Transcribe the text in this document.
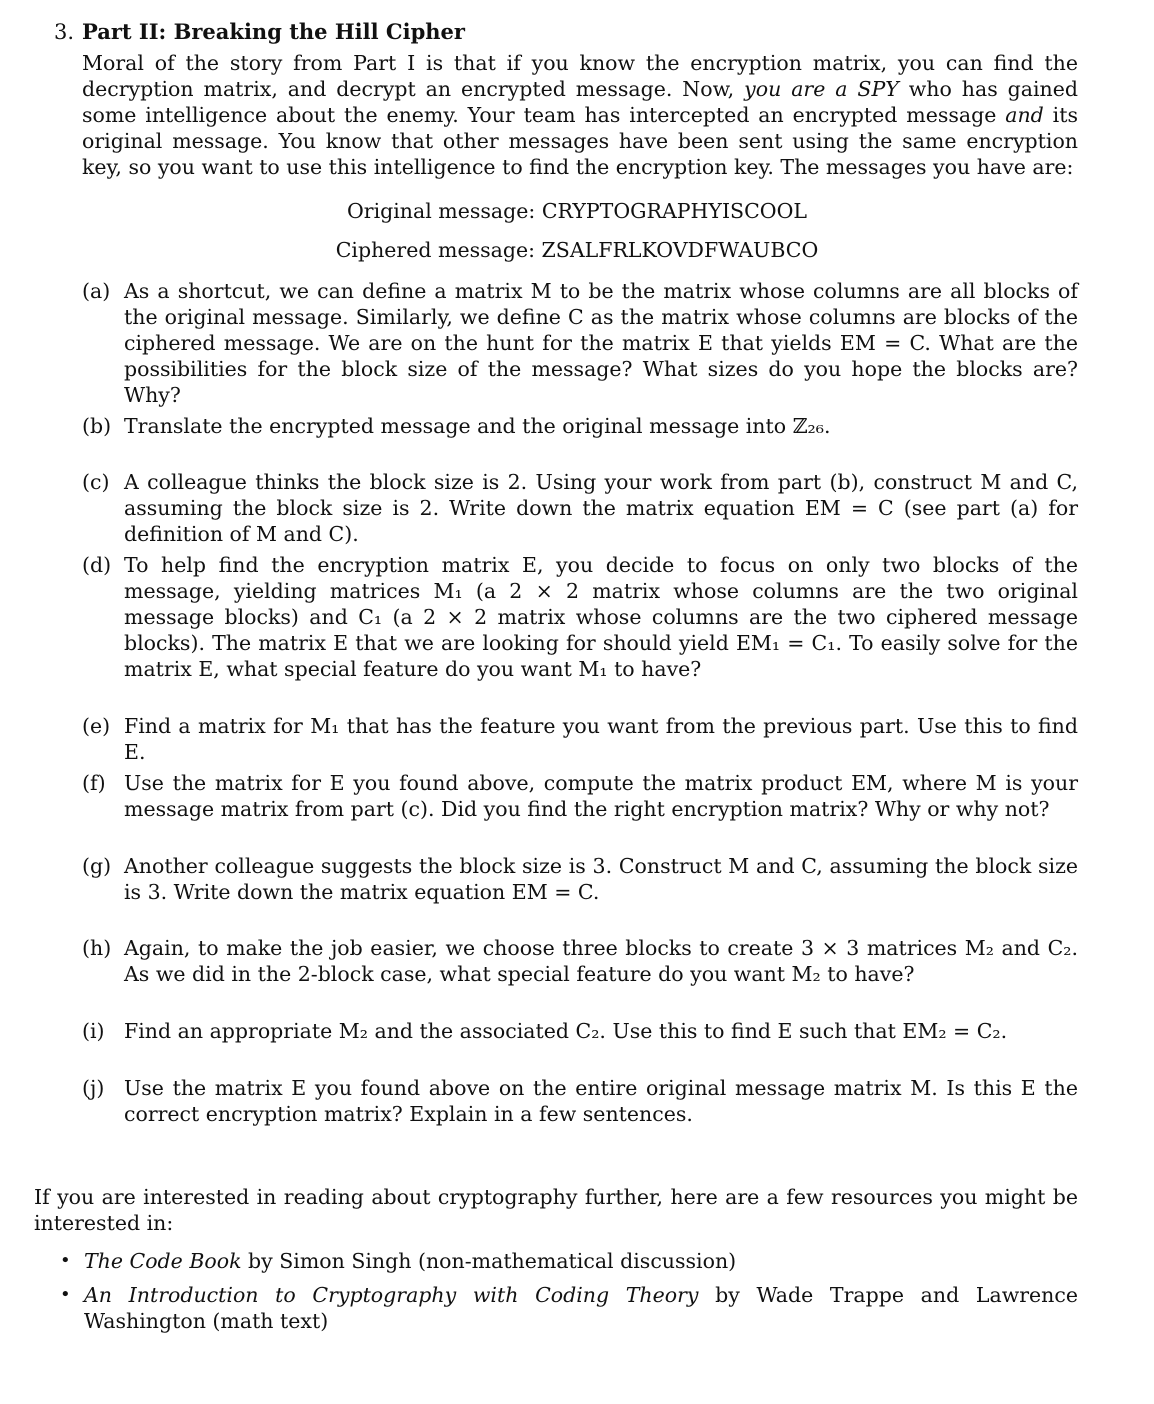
3. Part II: Breaking the Hill Cipher

Moral of the story from Part I is that if you know the encryption matrix, you can find the decryption matrix, and decrypt an encrypted message. Now, you are a SPY who has gained some intelligence about the enemy. Your team has intercepted an encrypted message and its original message. You know that other messages have been sent using the same encryption key, so you want to use this intelligence to find the encryption key. The messages you have are:

Original message: CRYPTOGRAPHYISCOOL
Ciphered message: ZSALFRLKOVDFWAUBCO
(a) As a shortcut, we can define a matrix M to be the matrix whose columns are all blocks of the original message. Similarly, we define C as the matrix whose columns are blocks of the ciphered message. We are on the hunt for the matrix E that yields EM = C. What are the possibilities for the block size of the message? What sizes do you hope the blocks are? Why?

(b) Translate the encrypted message and the original message into ℤ₂₆.

(c) A colleague thinks the block size is 2. Using your work from part (b), construct M and C, assuming the block size is 2. Write down the matrix equation EM = C (see part (a) for definition of M and C).

(d) To help find the encryption matrix E, you decide to focus on only two blocks of the message, yielding matrices M₁ (a 2 × 2 matrix whose columns are the two original message blocks) and C₁ (a 2 × 2 matrix whose columns are the two ciphered message blocks). The matrix E that we are looking for should yield EM₁ = C₁. To easily solve for the matrix E, what special feature do you want M₁ to have?

(e) Find a matrix for M₁ that has the feature you want from the previous part. Use this to find E.

(f) Use the matrix for E you found above, compute the matrix product EM, where M is your message matrix from part (c). Did you find the right encryption matrix? Why or why not?

(g) Another colleague suggests the block size is 3. Construct M and C, assuming the block size is 3. Write down the matrix equation EM = C.

(h) Again, to make the job easier, we choose three blocks to create 3 × 3 matrices M₂ and C₂. As we did in the 2-block case, what special feature do you want M₂ to have?

(i) Find an appropriate M₂ and the associated C₂. Use this to find E such that EM₂ = C₂.

(j) Use the matrix E you found above on the entire original message matrix M. Is this E the correct encryption matrix? Explain in a few sentences.

If you are interested in reading about cryptography further, here are a few resources you might be interested in:

• The Code Book by Simon Singh (non-mathematical discussion)
• An Introduction to Cryptography with Coding Theory by Wade Trappe and Lawrence Washington (math text)
